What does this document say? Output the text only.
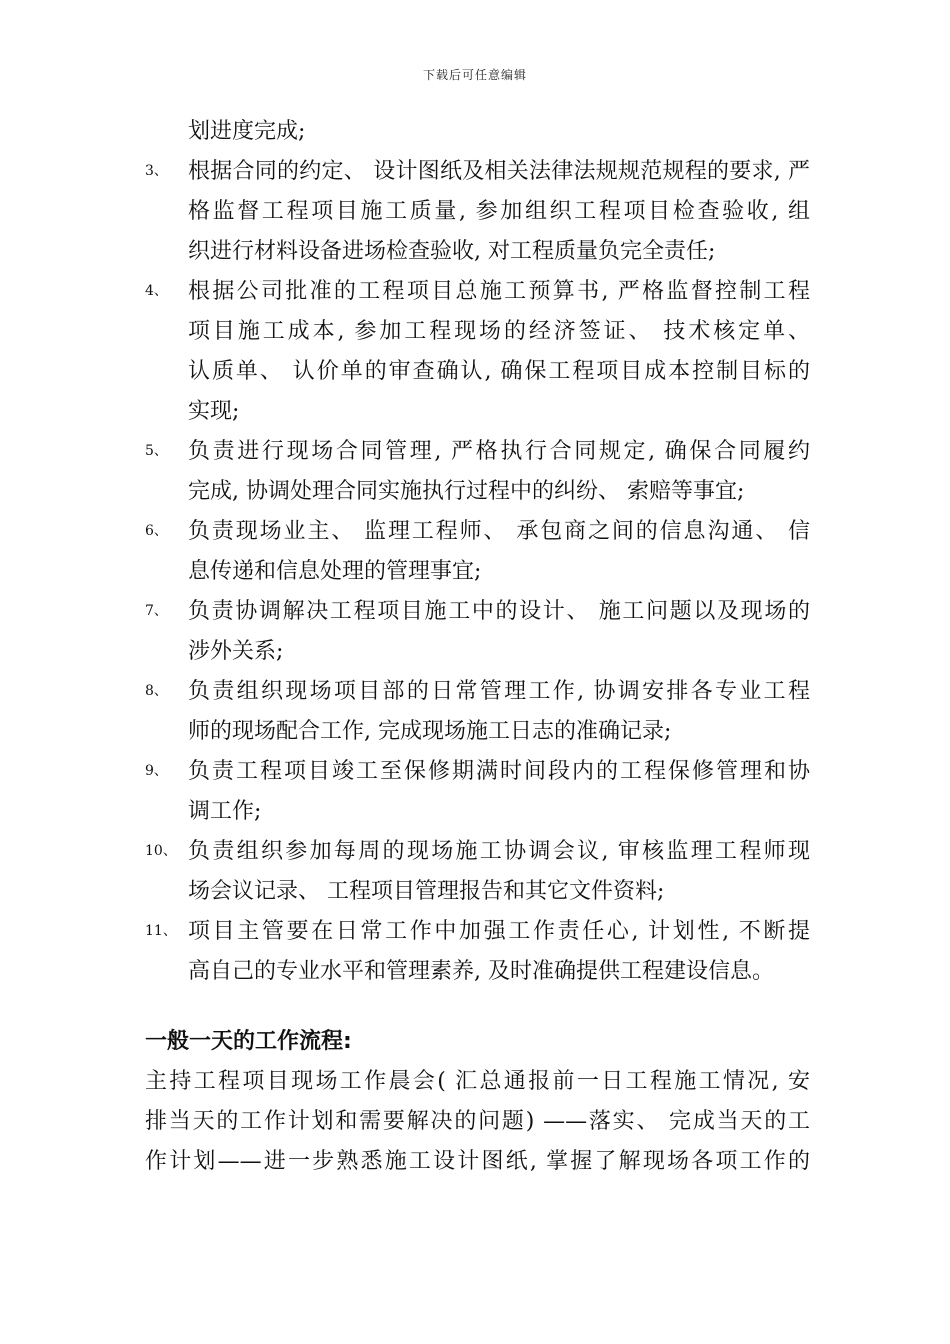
下载后可任意编辑
划进度完成;
3、 根据合同的约定、 设计图纸及相关法律法规规范规程的要求, 严
格监督工程项目施工质量, 参加组织工程项目检查验收, 组
织进行材料设备进场检查验收, 对工程质量负完全责任;
4、 根据公司批准的工程项目总施工预算书, 严格监督控制工程
项目施工成本, 参加工程现场的经济签证、 技术核定单、
认质单、 认价单的审查确认, 确保工程项目成本控制目标的
实现;
5、 负责进行现场合同管理, 严格执行合同规定, 确保合同履约
完成, 协调处理合同实施执行过程中的纠纷、 索赔等事宜;
6、 负责现场业主、 监理工程师、 承包商之间的信息沟通、 信
息传递和信息处理的管理事宜;
7、 负责协调解决工程项目施工中的设计、 施工问题以及现场的
涉外关系;
8、 负责组织现场项目部的日常管理工作, 协调安排各专业工程
师的现场配合工作, 完成现场施工日志的准确记录;
9、 负责工程项目竣工至保修期满时间段内的工程保修管理和协
调工作;
10、 负责组织参加每周的现场施工协调会议, 审核监理工程师现
场会议记录、 工程项目管理报告和其它文件资料;
11、 项目主管要在日常工作中加强工作责任心, 计划性, 不断提
高自己的专业水平和管理素养, 及时准确提供工程建设信息。
一般一天的工作流程:
主持工程项目现场工作晨会( 汇总通报前一日工程施工情况, 安
排当天的工作计划和需要解决的问题) ——落实、 完成当天的工
作计划——进一步熟悉施工设计图纸, 掌握了解现场各项工作的
